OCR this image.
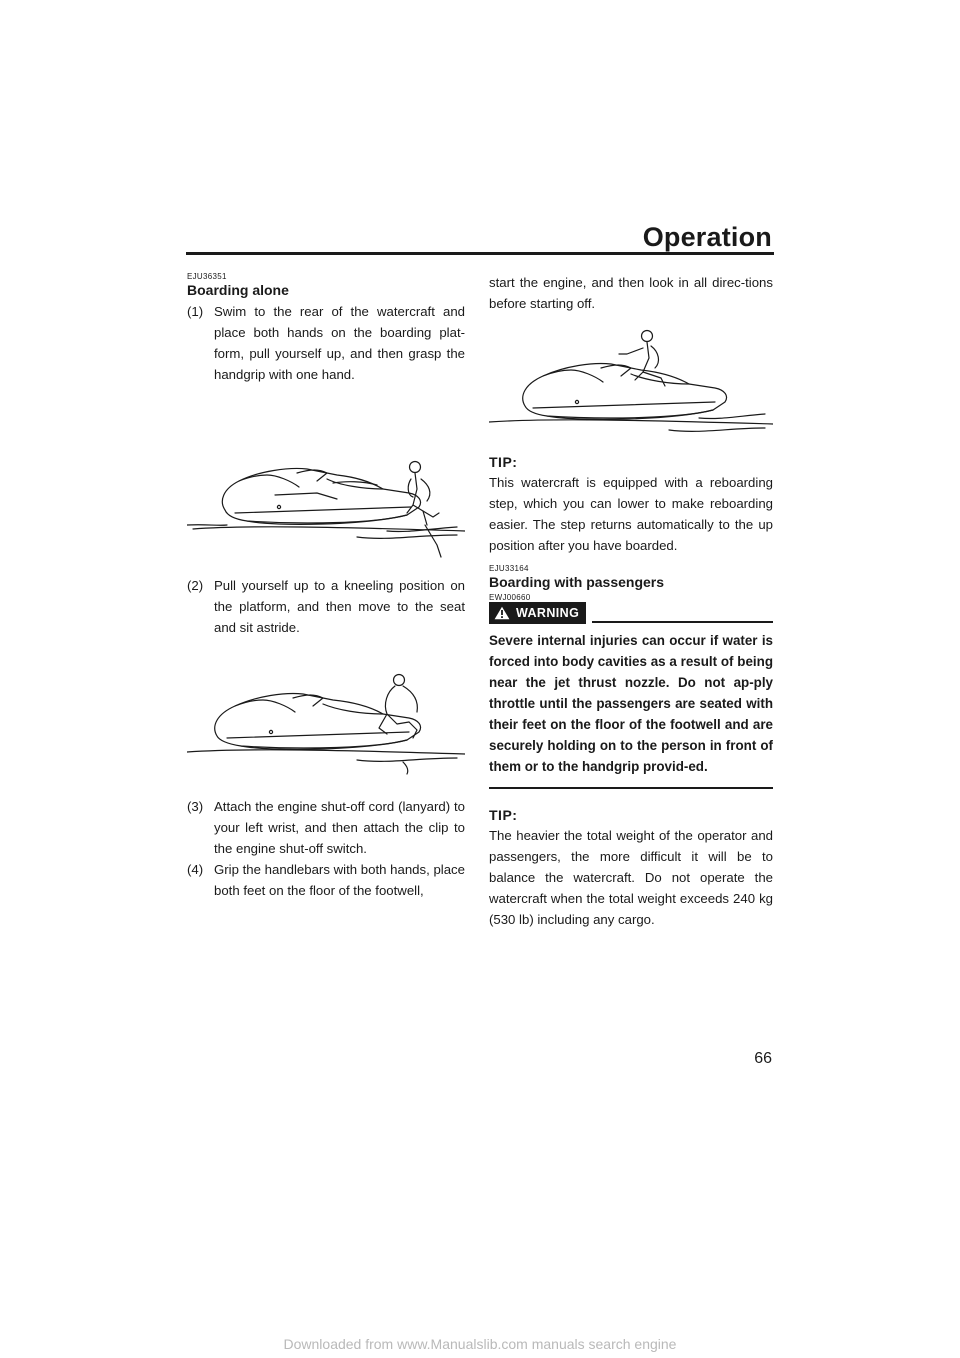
Operation

EJU36351

Boarding alone

(1) Swim to the rear of the watercraft and place both hands on the boarding plat-form, pull yourself up, and then grasp the handgrip with one hand.
(2) Pull yourself up to a kneeling position on the platform, and then move to the seat and sit astride.
(3) Attach the engine shut-off cord (lanyard) to your left wrist, and then attach the clip to the engine shut-off switch.
(4) Grip the handlebars with both hands, place both feet on the floor of the footwell,

start the engine, and then look in all direc-tions before starting off.

TIP:

This watercraft is equipped with a reboarding step, which you can lower to make reboarding easier. The step returns automatically to the up position after you have boarded.

EJU33164

Boarding with passengers

EWJ00660

WARNING

Severe internal injuries can occur if water is forced into body cavities as a result of being near the jet thrust nozzle. Do not ap-ply throttle until the passengers are seated with their feet on the floor of the footwell and are securely holding on to the person in front of them or to the handgrip provid-ed.

TIP:

The heavier the total weight of the operator and passengers, the more difficult it will be to balance the watercraft. Do not operate the watercraft when the total weight exceeds 240 kg (530 lb) including any cargo.

66
Downloaded from www.Manualslib.com manuals search engine
